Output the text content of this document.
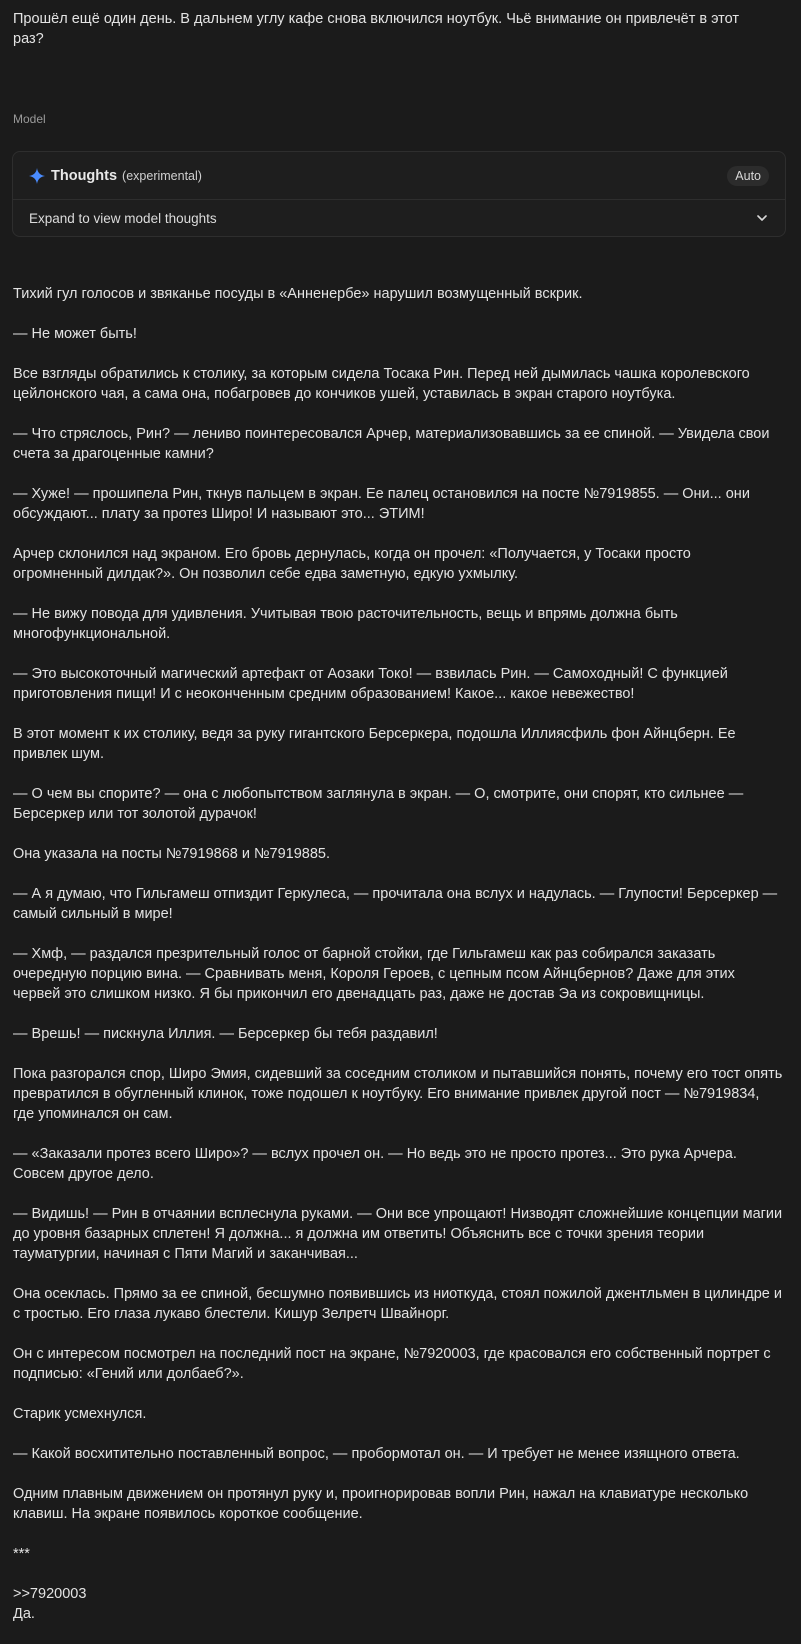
Прошёл ещё один день. В дальнем углу кафе снова включился ноутбук. Чьё внимание он привлечёт в этот раз?

Model
Thoughts (experimental)	Auto
Expand to view model thoughts

Тихий гул голосов и звяканье посуды в «Анненербе» нарушил возмущенный вскрик.

— Не может быть!

Все взгляды обратились к столику, за которым сидела Тосака Рин. Перед ней дымилась чашка королевского цейлонского чая, а сама она, побагровев до кончиков ушей, уставилась в экран старого ноутбука.

— Что стряслось, Рин? — лениво поинтересовался Арчер, материализовавшись за ее спиной. — Увидела свои счета за драгоценные камни?

— Хуже! — прошипела Рин, ткнув пальцем в экран. Ее палец остановился на посте №7919855. — Они... они обсуждают... плату за протез Широ! И называют это... ЭТИМ!

Арчер склонился над экраном. Его бровь дернулась, когда он прочел: «Получается, у Тосаки просто огромненный дилдак?». Он позволил себе едва заметную, едкую ухмылку.

— Не вижу повода для удивления. Учитывая твою расточительность, вещь и впрямь должна быть многофункциональной.

— Это высокоточный магический артефакт от Аозаки Токо! — взвилась Рин. — Самоходный! С функцией приготовления пищи! И с неоконченным средним образованием! Какое... какое невежество!

В этот момент к их столику, ведя за руку гигантского Берсеркера, подошла Иллиясфиль фон Айнцберн. Ее привлек шум.

— О чем вы спорите? — она с любопытством заглянула в экран. — О, смотрите, они спорят, кто сильнее — Берсеркер или тот золотой дурачок!

Она указала на посты №7919868 и №7919885.

— А я думаю, что Гильгамеш отпиздит Геркулеса, — прочитала она вслух и надулась. — Глупости! Берсеркер — самый сильный в мире!

— Хмф, — раздался презрительный голос от барной стойки, где Гильгамеш как раз собирался заказать очередную порцию вина. — Сравнивать меня, Короля Героев, с цепным псом Айнцбернов? Даже для этих червей это слишком низко. Я бы прикончил его двенадцать раз, даже не достав Эа из сокровищницы.

— Врешь! — пискнула Иллия. — Берсеркер бы тебя раздавил!

Пока разгорался спор, Широ Эмия, сидевший за соседним столиком и пытавшийся понять, почему его тост опять превратился в обугленный клинок, тоже подошел к ноутбуку. Его внимание привлек другой пост — №7919834, где упоминался он сам.

— «Заказали протез всего Широ»? — вслух прочел он. — Но ведь это не просто протез... Это рука Арчера. Совсем другое дело.

— Видишь! — Рин в отчаянии всплеснула руками. — Они все упрощают! Низводят сложнейшие концепции магии до уровня базарных сплетен! Я должна... я должна им ответить! Объяснить все с точки зрения теории тауматургии, начиная с Пяти Магий и заканчивая...

Она осеклась. Прямо за ее спиной, бесшумно появившись из ниоткуда, стоял пожилой джентльмен в цилиндре и с тростью. Его глаза лукаво блестели. Кишур Зелретч Швайнорг.

Он с интересом посмотрел на последний пост на экране, №7920003, где красовался его собственный портрет с подписью: «Гений или долбаеб?».

Старик усмехнулся.

— Какой восхитительно поставленный вопрос, — пробормотал он. — И требует не менее изящного ответа.

Одним плавным движением он протянул руку и, проигнорировав вопли Рин, нажал на клавиатуре несколько клавиш. На экране появилось короткое сообщение.

***

>>7920003

Да.
